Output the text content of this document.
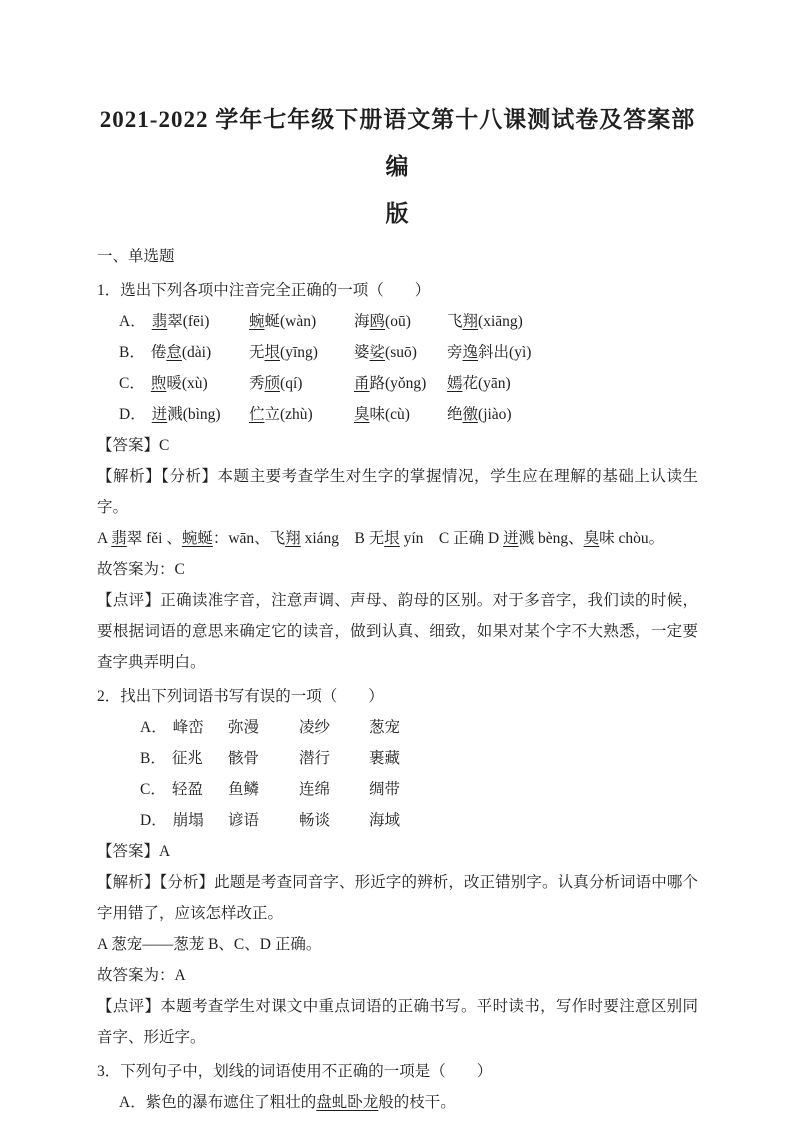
2021-2022 学年七年级下册语文第十八课测试卷及答案部编
版

一、单选题

1．选出下列各项中注音完全正确的一项（　　）

A． 翡翠(fēi)	蜿蜒(wàn)	海鸥(oū)	飞翔(xiāng)
B． 倦怠(dài)	无垠(yīng)	婆娑(suō)	旁逸斜出(yì)
C． 煦暖(xù)	秀颀(qí)	甬路(yǒng)	嫣花(yān)
D． 迸溅(bìng)	伫立(zhù)	臭味(cù)	绝徼(jiào)

【答案】C

【解析】【分析】本题主要考查学生对生字的掌握情况，学生应在理解的基础上认读生字。

A 翡翠 fěi 、蜿蜒：wān、飞翔 xiáng　B 无垠 yín　C 正确 D 迸溅 bèng、臭味 chòu。

故答案为：C

【点评】正确读准字音，注意声调、声母、韵母的区别。对于多音字，我们读的时候，要根据词语的意思来确定它的读音，做到认真、细致，如果对某个字不大熟悉，一定要查字典弄明白。

2．找出下列词语书写有误的一项（　　）

A． 峰峦	弥漫	凌纱	葱宠
B． 征兆	骸骨	潜行	裹藏
C． 轻盈	鱼鳞	连绵	绸带
D． 崩塌	谚语	畅谈	海域

【答案】A

【解析】【分析】此题是考查同音字、形近字的辨析，改正错别字。认真分析词语中哪个字用错了，应该怎样改正。

A 葱宠——葱茏 B、C、D 正确。

故答案为：A

【点评】本题考查学生对课文中重点词语的正确书写。平时读书，写作时要注意区别同音字、形近字。

3．下列句子中，划线的词语使用不正确的一项是（　　）

A．紫色的瀑布遮住了粗壮的盘虬卧龙般的枝干。
